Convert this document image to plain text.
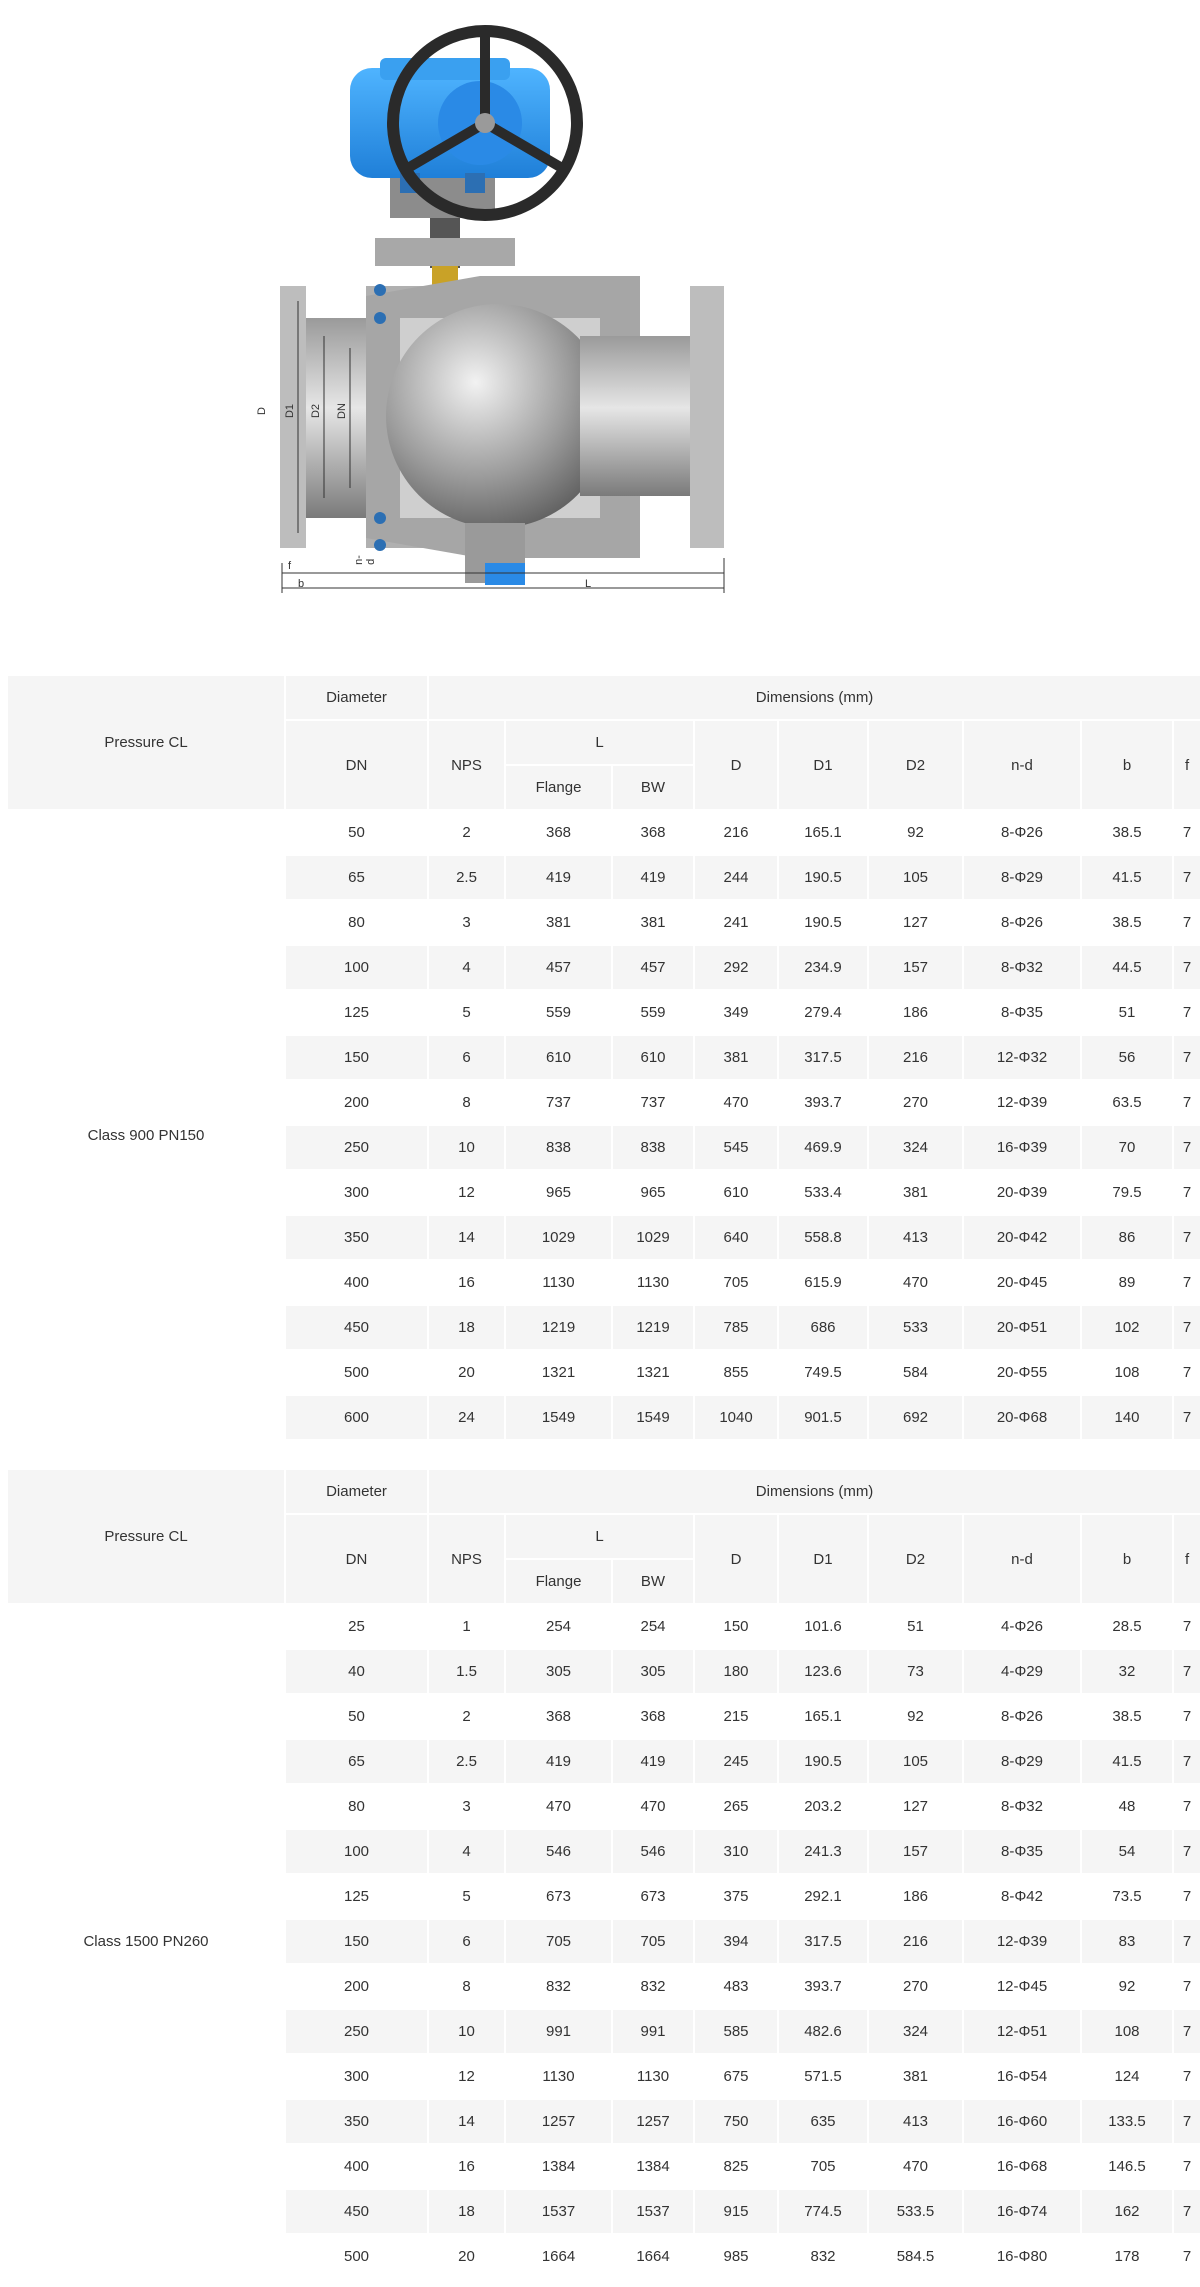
D D1 D2 DN
f
b
n-d
L
Pressure CL	Diameter	Dimensions (mm)								
	DN	NPS	L		D	D1	D2	n-d	b	f
			Flange	BW						
Class 900 PN150	50	2	368	368	216	165.1	92	8-Φ26	38.5	7
	65	2.5	419	419	244	190.5	105	8-Φ29	41.5	7
	80	3	381	381	241	190.5	127	8-Φ26	38.5	7
	100	4	457	457	292	234.9	157	8-Φ32	44.5	7
	125	5	559	559	349	279.4	186	8-Φ35	51	7
	150	6	610	610	381	317.5	216	12-Φ32	56	7
	200	8	737	737	470	393.7	270	12-Φ39	63.5	7
	250	10	838	838	545	469.9	324	16-Φ39	70	7
	300	12	965	965	610	533.4	381	20-Φ39	79.5	7
	350	14	1029	1029	640	558.8	413	20-Φ42	86	7
	400	16	1130	1130	705	615.9	470	20-Φ45	89	7
	450	18	1219	1219	785	686	533	20-Φ51	102	7
	500	20	1321	1321	855	749.5	584	20-Φ55	108	7
	600	24	1549	1549	1040	901.5	692	20-Φ68	140	7

Pressure CL	Diameter	Dimensions (mm)								
	DN	NPS	L		D	D1	D2	n-d	b	f
			Flange	BW						
Class 1500 PN260	25	1	254	254	150	101.6	51	4-Φ26	28.5	7
	40	1.5	305	305	180	123.6	73	4-Φ29	32	7
	50	2	368	368	215	165.1	92	8-Φ26	38.5	7
	65	2.5	419	419	245	190.5	105	8-Φ29	41.5	7
	80	3	470	470	265	203.2	127	8-Φ32	48	7
	100	4	546	546	310	241.3	157	8-Φ35	54	7
	125	5	673	673	375	292.1	186	8-Φ42	73.5	7
	150	6	705	705	394	317.5	216	12-Φ39	83	7
	200	8	832	832	483	393.7	270	12-Φ45	92	7
	250	10	991	991	585	482.6	324	12-Φ51	108	7
	300	12	1130	1130	675	571.5	381	16-Φ54	124	7
	350	14	1257	1257	750	635	413	16-Φ60	133.5	7
	400	16	1384	1384	825	705	470	16-Φ68	146.5	7
	450	18	1537	1537	915	774.5	533.5	16-Φ74	162	7
	500	20	1664	1664	985	832	584.5	16-Φ80	178	7
